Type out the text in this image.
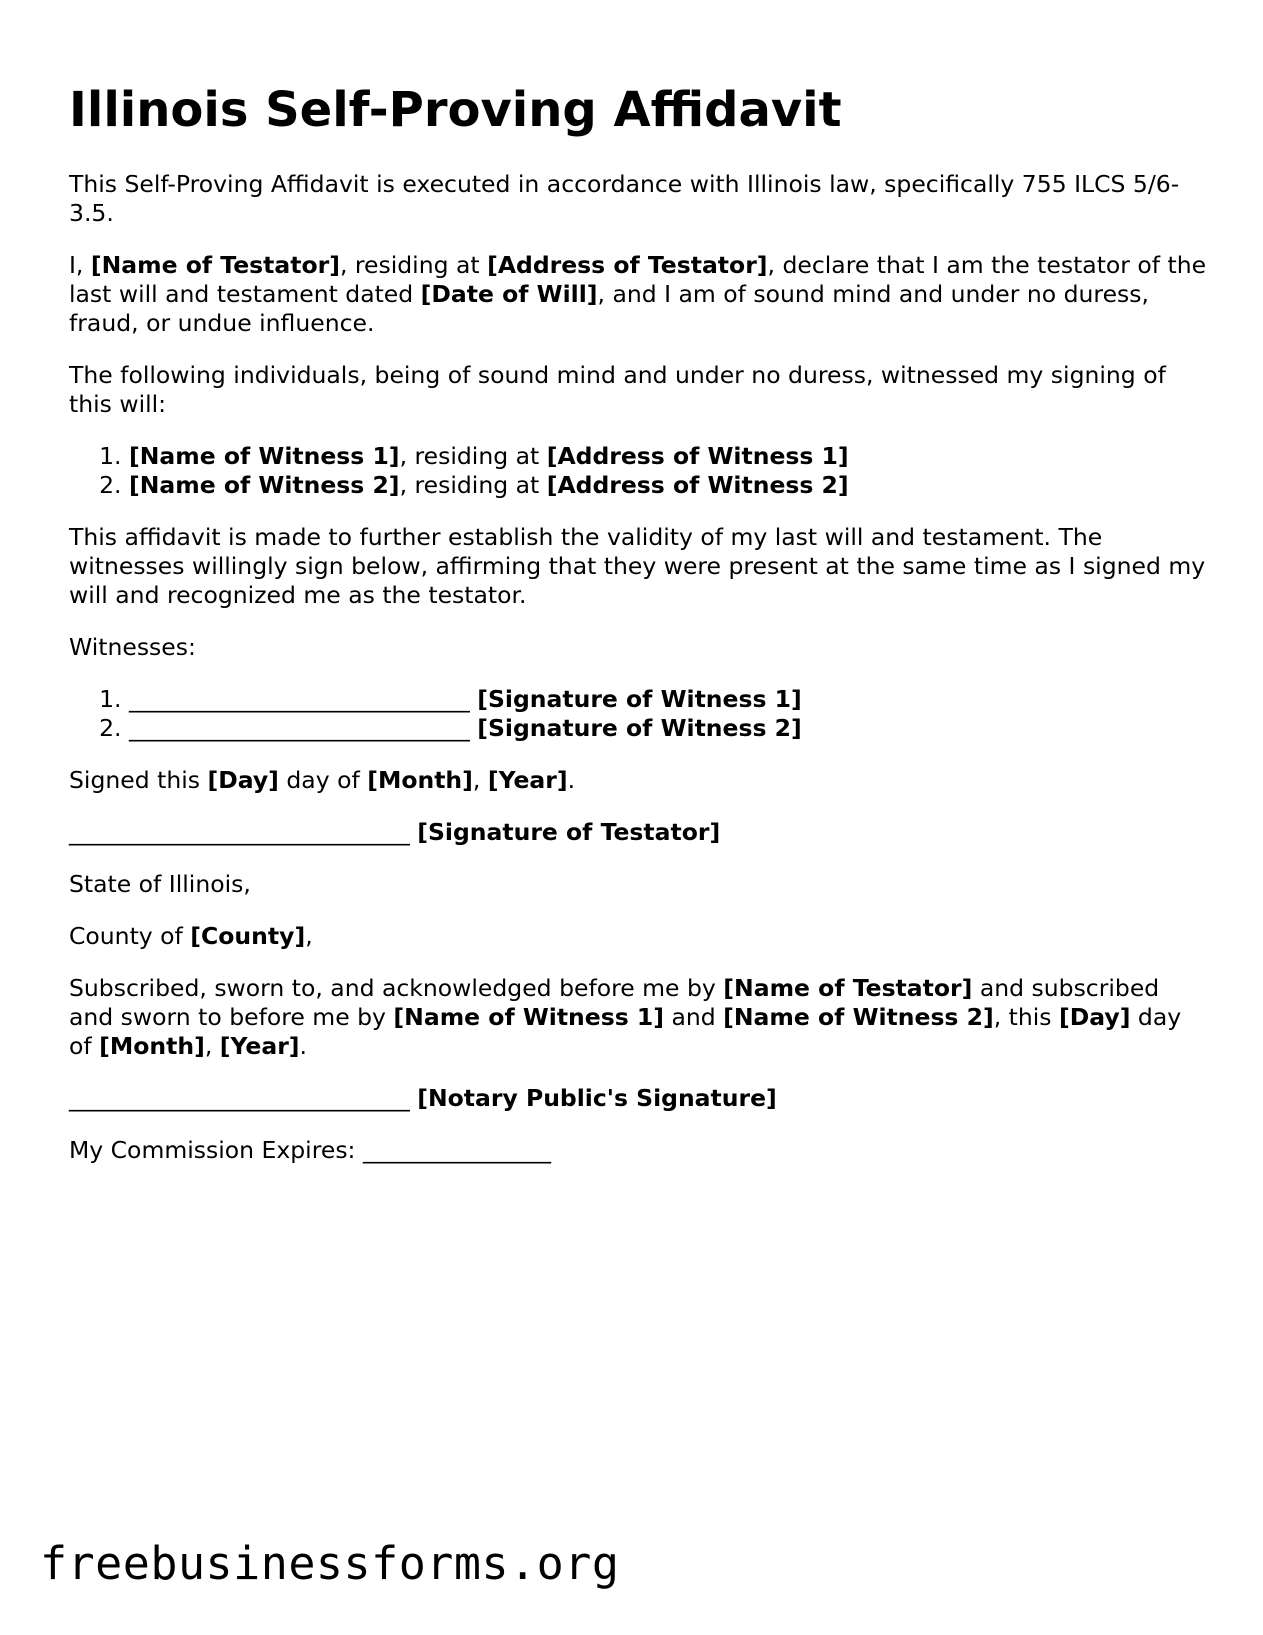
Illinois Self-Proving Affidavit

This Self-Proving Affidavit is executed in accordance with Illinois law, specifically 755 ILCS 5/6-3.5.

I, [Name of Testator], residing at [Address of Testator], declare that I am the testator of the last will and testament dated [Date of Will], and I am of sound mind and under no duress, fraud, or undue influence.

The following individuals, being of sound mind and under no duress, witnessed my signing of this will:

1. [Name of Witness 1], residing at [Address of Witness 1]
2. [Name of Witness 2], residing at [Address of Witness 2]

This affidavit is made to further establish the validity of my last will and testament. The witnesses willingly sign below, affirming that they were present at the same time as I signed my will and recognized me as the testator.

Witnesses:

1. _____________________________ [Signature of Witness 1]
2. _____________________________ [Signature of Witness 2]

Signed this [Day] day of [Month], [Year].

_____________________________ [Signature of Testator]

State of Illinois,

County of [County],

Subscribed, sworn to, and acknowledged before me by [Name of Testator] and subscribed and sworn to before me by [Name of Witness 1] and [Name of Witness 2], this [Day] day of [Month], [Year].

_____________________________ [Notary Public's Signature]

My Commission Expires: ________________

freebusinessforms.org
